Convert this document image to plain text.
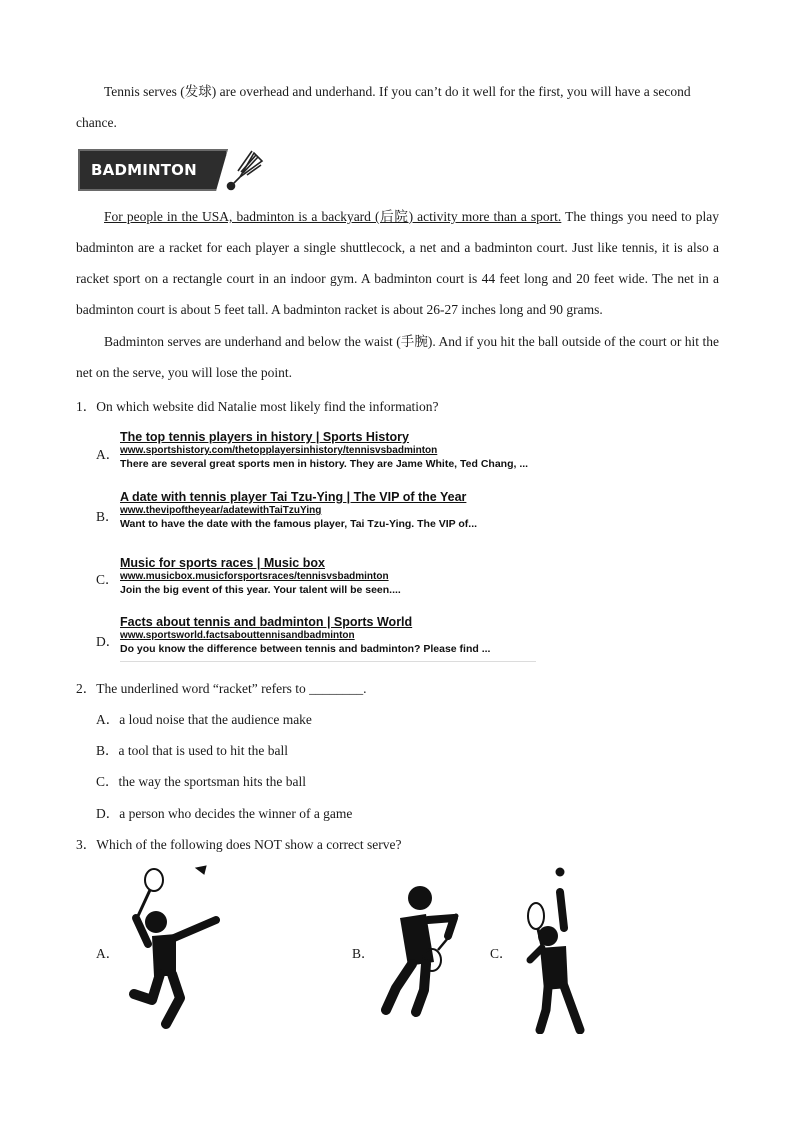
Tennis serves (发球) are overhead and underhand. If you can’t do it well for the first, you will have a second

chance.

BADMINTON

For people in the USA, badminton is a backyard (后院) activity more than a sport. The things you need to play badminton are a racket for each player a single shuttlecock, a net and a badminton court. Just like tennis, it is also a racket sport on a rectangle court in an indoor gym. A badminton court is 44 feet long and 20 feet wide. The net in a badminton court is about 5 feet tall. A badminton racket is about 26-27 inches long and 90 grams.

Badminton serves are underhand and below the waist (手腕). And if you hit the ball outside of the court or hit the net on the serve, you will lose the point.

1．On which website did Natalie most likely find the information?

A．
The top tennis players in history | Sports History
www.sportshistory.com/thetopplayersinhistory/tennisvsbadminton
There are several great sports men in history. They are Jame White, Ted Chang, ...
B．
A date with tennis player Tai Tzu-Ying | The VIP of the Year
www.thevipoftheyear/adatewithTaiTzuYing
Want to have the date with the famous player, Tai Tzu-Ying. The VIP of...
C．
Music for sports races | Music box
www.musicbox.musicforsportsraces/tennisvsbadminton
Join the big event of this year. Your talent will be seen....
D．
Facts about tennis and badminton | Sports World
www.sportsworld.factsabouttennisandbadminton
Do you know the difference between tennis and badminton? Please find ...

2．The underlined word “racket” refers to ________.

A．a loud noise that the audience make
B．a tool that is used to hit the ball
C．the way the sportsman hits the ball
D．a person who decides the winner of a game

3．Which of the following does NOT show a correct serve?

A．	B．	C．
